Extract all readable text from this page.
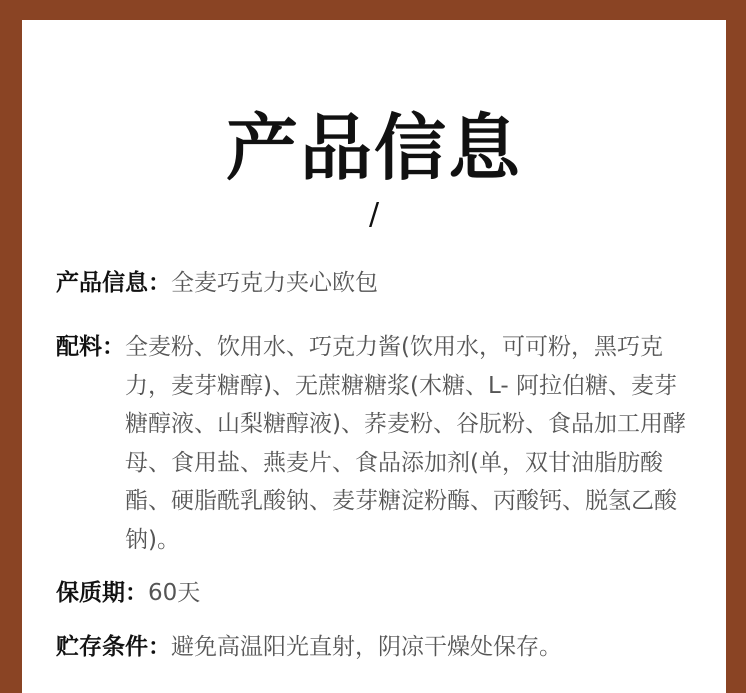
产品信息
/
产品信息： 全麦巧克力夹心欧包
配料： 全麦粉、饮用水、巧克力酱(饮用水，可可粉，黑巧克力，麦芽糖醇)、无蔗糖糖浆(木糖、L- 阿拉伯糖、麦芽糖醇液、山梨糖醇液)、荞麦粉、谷朊粉、食品加工用酵母、食用盐、燕麦片、食品添加剂(单，双甘油脂肪酸酯、硬脂酰乳酸钠、麦芽糖淀粉酶、丙酸钙、脱氢乙酸钠)。
保质期： 60天
贮存条件： 避免高温阳光直射，阴凉干燥处保存。
